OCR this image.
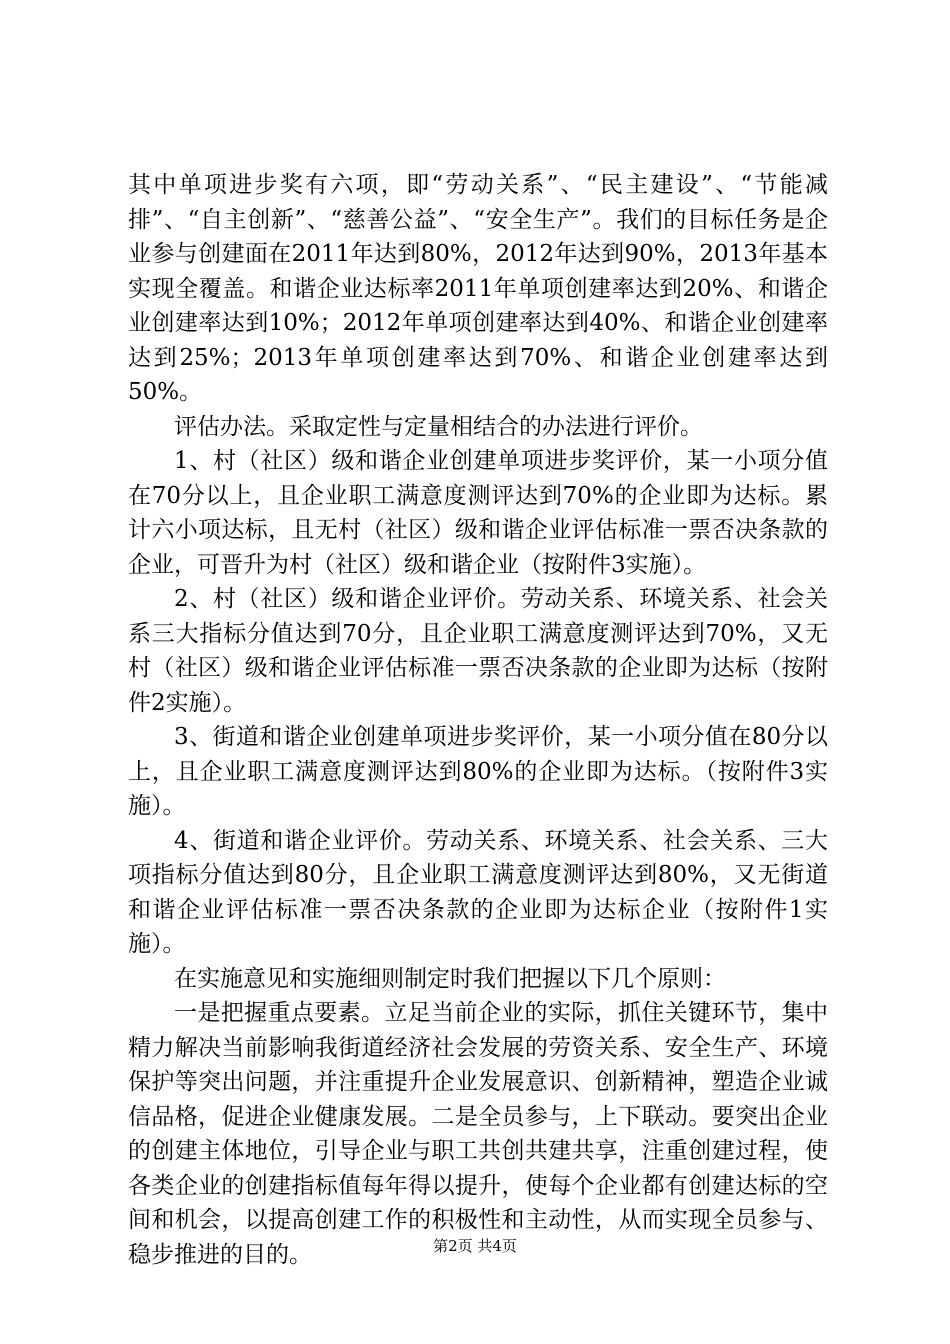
其中单项进步奖有六项，即“劳动关系”、“民主建设”、“节能减排”、“自主创新”、“慈善公益”、“安全生产”。我们的目标任务是企业参与创建面在2011年达到80%，2012年达到90%，2013年基本实现全覆盖。和谐企业达标率2011年单项创建率达到20%、和谐企业创建率达到10%；2012年单项创建率达到40%、和谐企业创建率达到25%；2013年单项创建率达到70%、和谐企业创建率达到50%。

评估办法。采取定性与定量相结合的办法进行评价。

1、村（社区）级和谐企业创建单项进步奖评价，某一小项分值在70分以上，且企业职工满意度测评达到70%的企业即为达标。累计六小项达标，且无村（社区）级和谐企业评估标准一票否决条款的企业，可晋升为村（社区）级和谐企业（按附件3实施）。

2、村（社区）级和谐企业评价。劳动关系、环境关系、社会关系三大指标分值达到70分，且企业职工满意度测评达到70%，又无村（社区）级和谐企业评估标准一票否决条款的企业即为达标（按附件2实施）。

3、街道和谐企业创建单项进步奖评价，某一小项分值在80分以上，且企业职工满意度测评达到80%的企业即为达标。（按附件3实施）。

4、街道和谐企业评价。劳动关系、环境关系、社会关系、三大项指标分值达到80分，且企业职工满意度测评达到80%，又无街道和谐企业评估标准一票否决条款的企业即为达标企业（按附件1实施）。

在实施意见和实施细则制定时我们把握以下几个原则：

一是把握重点要素。立足当前企业的实际，抓住关键环节，集中精力解决当前影响我街道经济社会发展的劳资关系、安全生产、环境保护等突出问题，并注重提升企业发展意识、创新精神，塑造企业诚信品格，促进企业健康发展。二是全员参与，上下联动。要突出企业的创建主体地位，引导企业与职工共创共建共享，注重创建过程，使各类企业的创建指标值每年得以提升，使每个企业都有创建达标的空间和机会，以提高创建工作的积极性和主动性，从而实现全员参与、稳步推进的目的。	第2页 共4页
